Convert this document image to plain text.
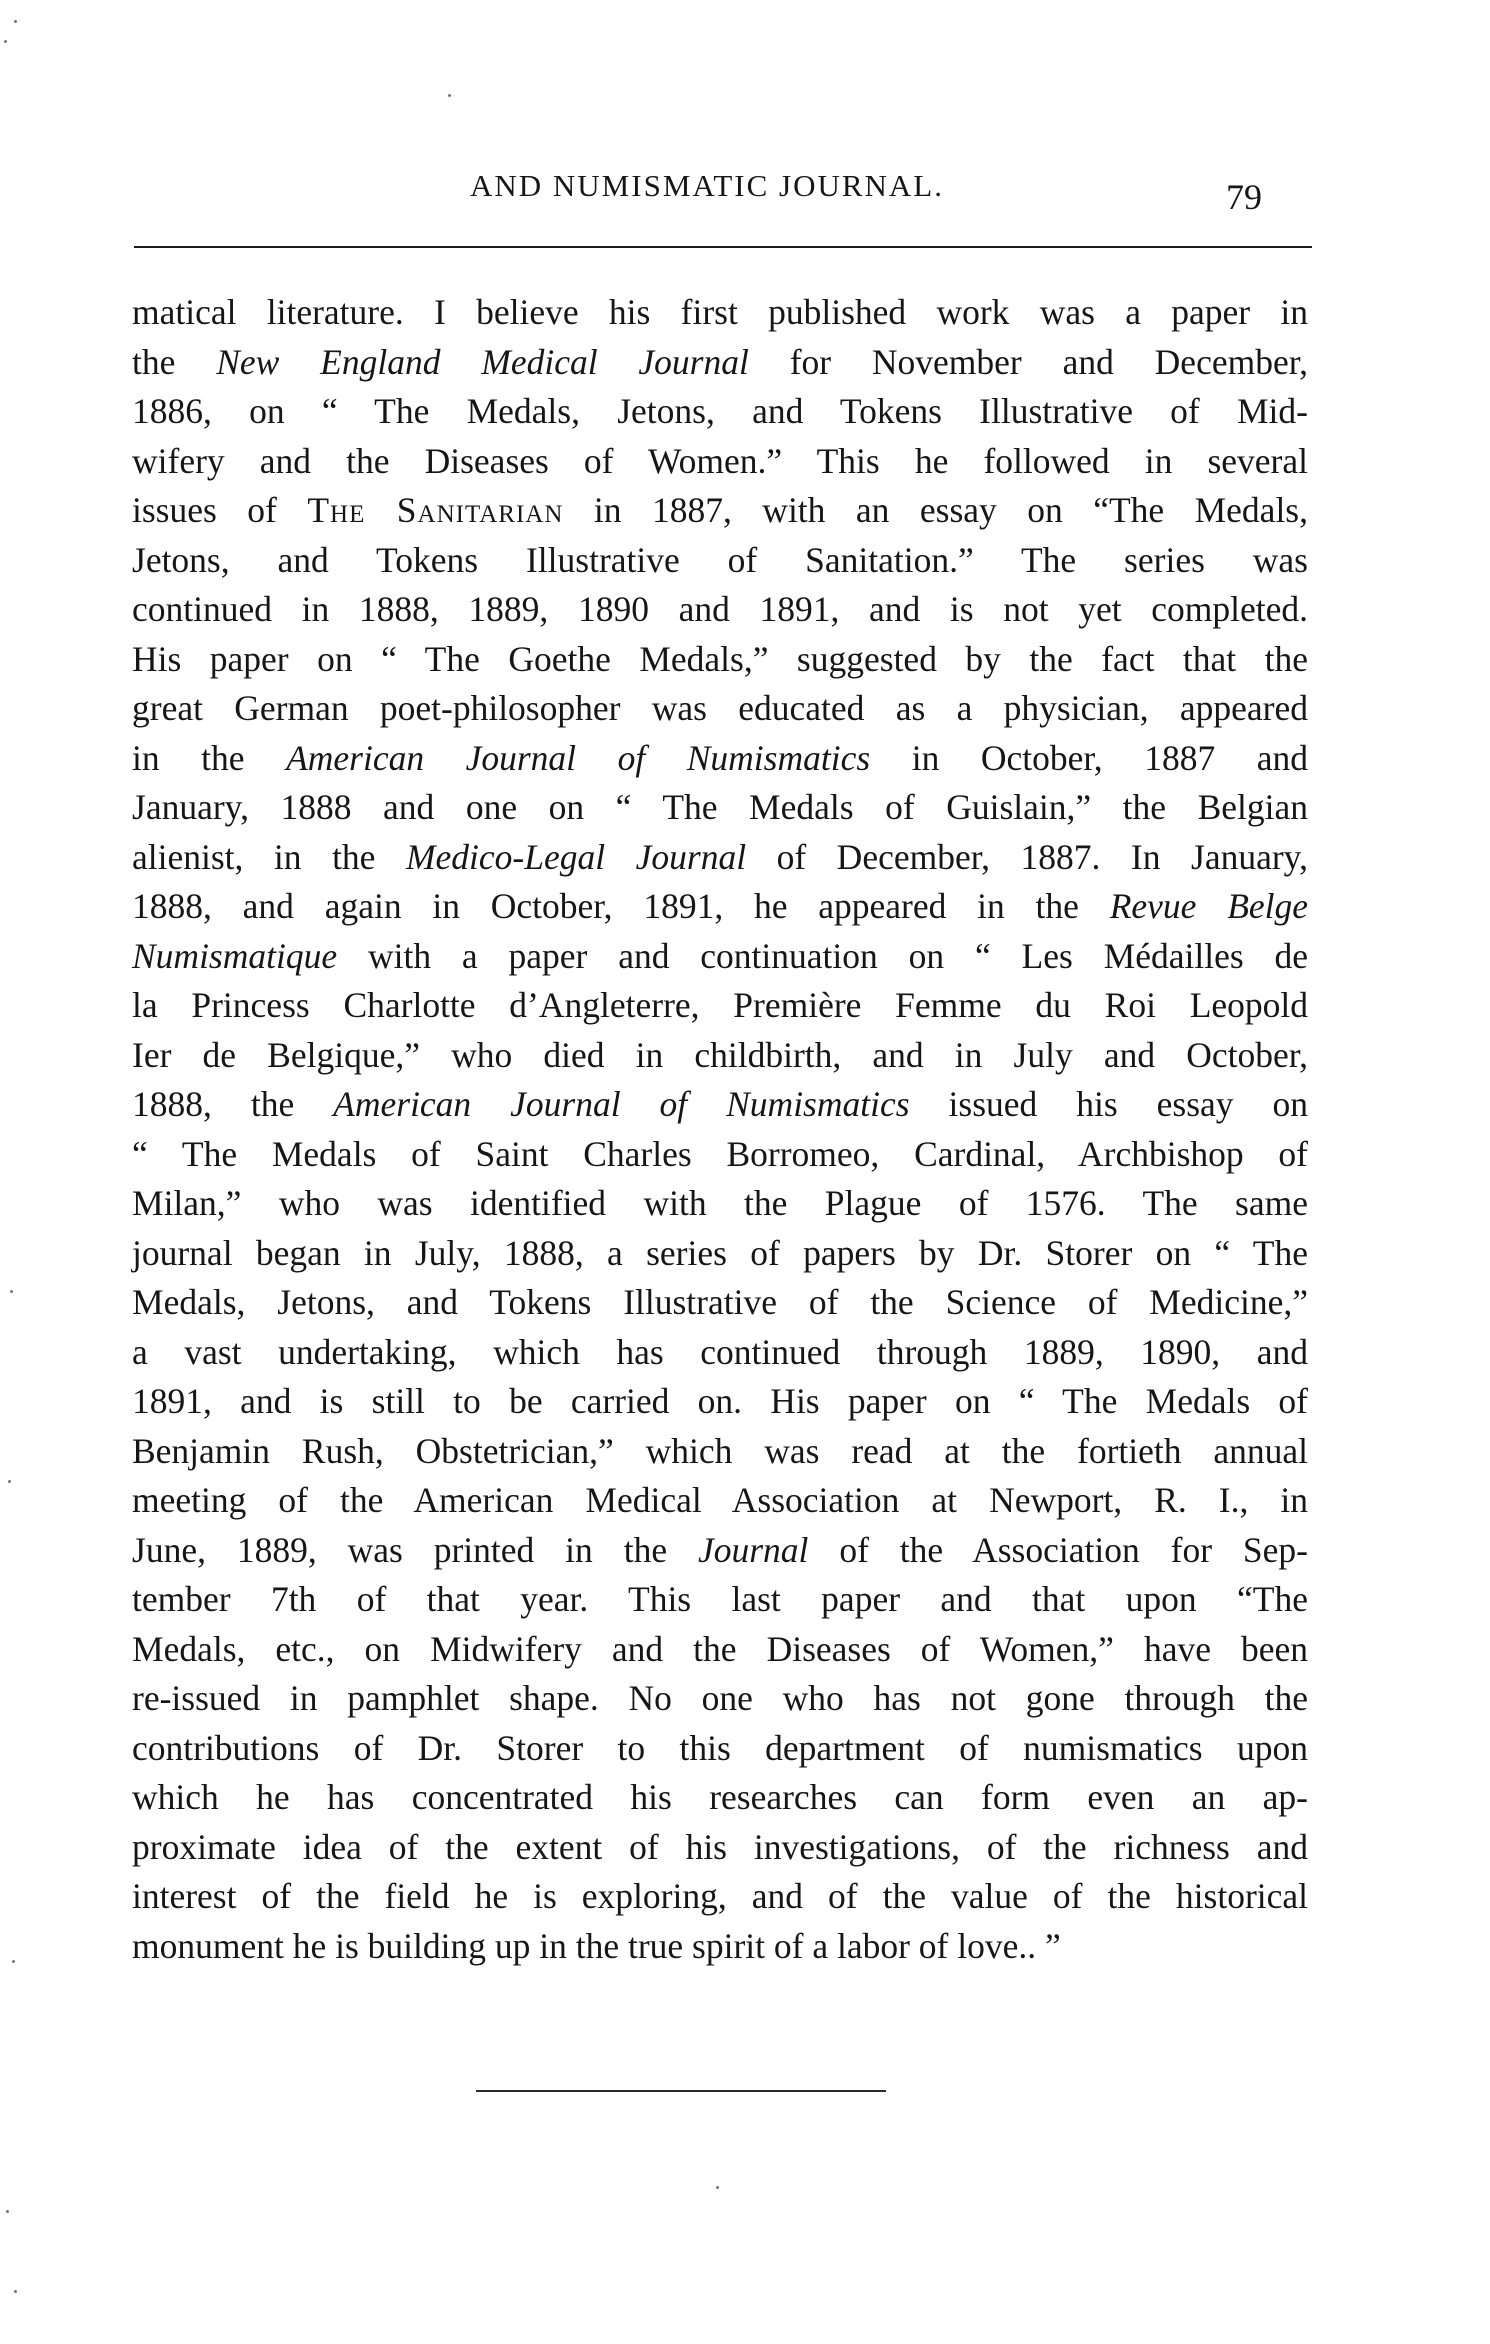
AND NUMISMATIC JOURNAL.	79
matical literature. I believe his first published work was a paper in
the New England Medical Journal for November and December,
1886, on “ The Medals, Jetons, and Tokens Illustrative of Mid-
wifery and the Diseases of Women.” This he followed in several
issues of The Sanitarian in 1887, with an essay on “The Medals,
Jetons, and Tokens Illustrative of Sanitation.” The series was
continued in 1888, 1889, 1890 and 1891, and is not yet completed.
His paper on “ The Goethe Medals,” suggested by the fact that the
great German poet-philosopher was educated as a physician, appeared
in the American Journal of Numismatics in October, 1887 and
January, 1888 and one on “ The Medals of Guislain,” the Belgian
alienist, in the Medico-Legal Journal of December, 1887. In January,
1888, and again in October, 1891, he appeared in the Revue Belge
Numismatique with a paper and continuation on “ Les Médailles de
la Princess Charlotte d’Angleterre, Première Femme du Roi Leopold
Ier de Belgique,” who died in childbirth, and in July and October,
1888, the American Journal of Numismatics issued his essay on
“ The Medals of Saint Charles Borromeo, Cardinal, Archbishop of
Milan,” who was identified with the Plague of 1576. The same
journal began in July, 1888, a series of papers by Dr. Storer on “ The
Medals, Jetons, and Tokens Illustrative of the Science of Medicine,”
a vast undertaking, which has continued through 1889, 1890, and
1891, and is still to be carried on. His paper on “ The Medals of
Benjamin Rush, Obstetrician,” which was read at the fortieth annual
meeting of the American Medical Association at Newport, R. I., in
June, 1889, was printed in the Journal of the Association for Sep-
tember 7th of that year. This last paper and that upon “The
Medals, etc., on Midwifery and the Diseases of Women,” have been
re-issued in pamphlet shape. No one who has not gone through the
contributions of Dr. Storer to this department of numismatics upon
which he has concentrated his researches can form even an ap-
proximate idea of the extent of his investigations, of the richness and
interest of the field he is exploring, and of the value of the historical
monument he is building up in the true spirit of a labor of love.. ”
